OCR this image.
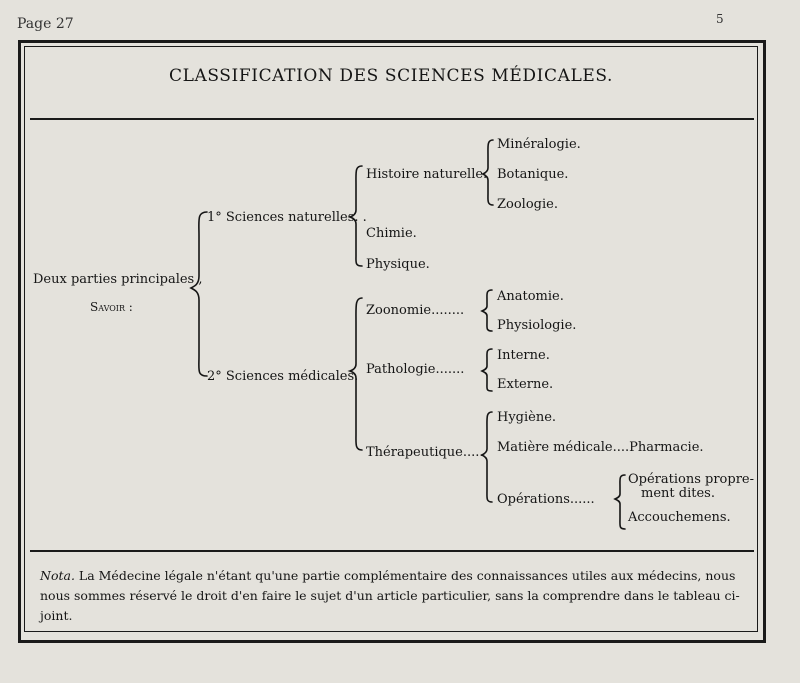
Page 27	5
CLASSIFICATION DES SCIENCES MÉDICALES.
Deux parties principales ,
Savoir :
1° Sciences naturelles. .
2° Sciences médicales.
Histoire naturelle.
Chimie.
Physique.
Minéralogie.
Botanique.
Zoologie.
Zoonomie........
Pathologie.......
Thérapeutique.....
Anatomie.
Physiologie.
Interne.
Externe.
Hygiène.
Matière médicale....Pharmacie.
Opérations......
Opérations propre-
ment dites.
Accouchemens.
Nota. La Médecine légale n'étant qu'une partie complémentaire des connaissances utiles aux médecins, nous nous sommes réservé le droit d'en faire le sujet d'un article particulier, sans la comprendre dans le tableau ci-joint.
